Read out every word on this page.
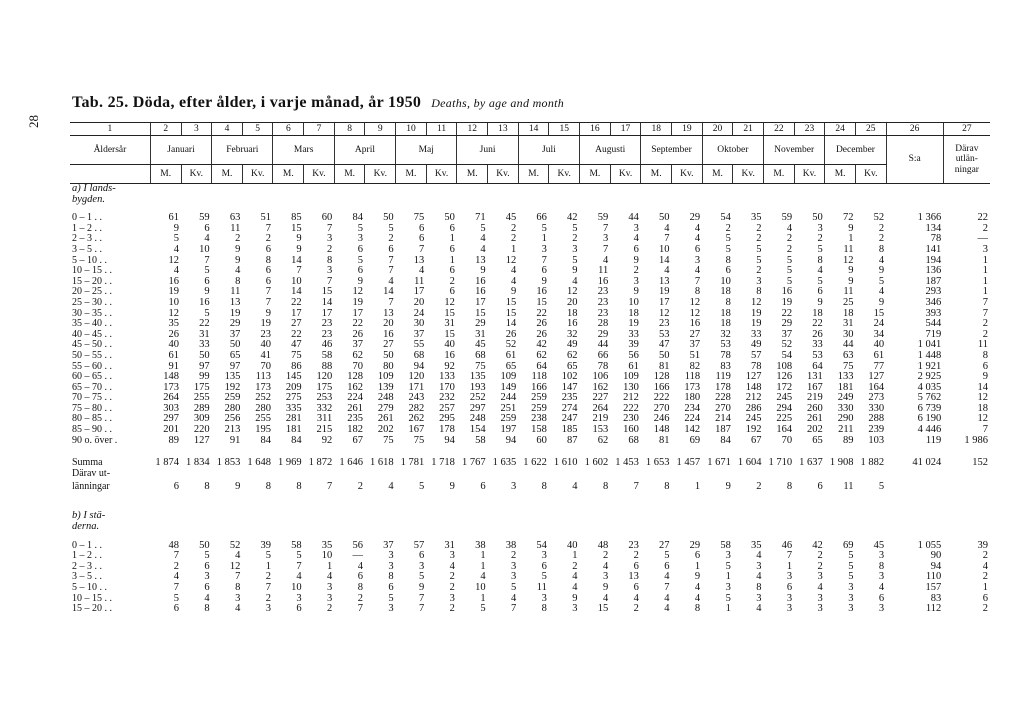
Tab. 25. Döda, efter ålder, i varje månad, år 1950 Deaths, by age and month
28
1	2	3	4	5	6	7	8	9	10	11	12	13	14	15	16	17	18	19	20	21	22	23	24	25	26	27
Åldersår	Januari		Februari		Mars		April		Maj		Juni		Juli		Augusti		September		Oktober		November		December		S:a	Därav utlän- ningar
	M.	Kv.	M.	Kv.	M.	Kv.	M.	Kv.	M.	Kv.	M.	Kv.	M.	Kv.	M.	Kv.	M.	Kv.	M.	Kv.	M.	Kv.	M.	Kv.		
a) I lands-																										
bygden.																										

0 – 1 . .	61	59	63	51	85	60	84	50	75	50	71	45	66	42	59	44	50	29	54	35	59	50	72	52	1 366	22
1 – 2 . .	9	6	11	7	15	7	5	5	6	6	5	2	5	5	7	3	4	4	2	2	4	3	9	2	134	2
2 – 3 . .	5	4	2	2	9	3	3	2	6	1	4	2	1	2	3	4	7	4	5	2	2	2	1	2	78	—
3 – 5 . .	4	10	9	6	9	2	6	6	7	6	4	1	3	3	7	6	10	6	5	5	2	5	11	8	141	3
5 – 10 . .	12	7	9	8	14	8	5	7	13	1	13	12	7	5	4	9	14	3	8	5	5	8	12	4	194	1
10 – 15 . .	4	5	4	6	7	3	6	7	4	6	9	4	6	9	11	2	4	4	6	2	5	4	9	9	136	1
15 – 20 . .	16	6	8	6	10	7	9	4	11	2	16	4	9	4	16	3	13	7	10	3	5	5	9	5	187	1
20 – 25 . .	19	9	11	7	14	15	12	14	17	6	16	9	16	12	23	9	19	8	18	8	16	6	11	4	293	1
25 – 30 . .	10	16	13	7	22	14	19	7	20	12	17	15	15	20	23	10	17	12	8	12	19	9	25	9	346	7
30 – 35 . .	12	5	19	9	17	17	17	13	24	15	15	15	22	18	23	18	12	12	18	19	22	18	18	15	393	7
35 – 40 . .	35	22	29	19	27	23	22	20	30	31	29	14	26	16	28	19	23	16	18	19	29	22	31	24	544	2
40 – 45 . .	26	31	37	23	22	23	26	16	37	15	31	26	26	32	29	33	53	27	32	33	37	26	30	34	719	2
45 – 50 . .	40	33	50	40	47	46	37	27	55	40	45	52	42	49	44	39	47	37	53	49	52	33	44	40	1 041	11
50 – 55 . .	61	50	65	41	75	58	62	50	68	16	68	61	62	62	66	56	50	51	78	57	54	53	63	61	1 448	8
55 – 60 . .	91	97	97	70	86	88	70	80	94	92	75	65	64	65	78	61	81	82	83	78	108	64	75	77	1 921	6
60 – 65 . .	148	99	135	113	145	120	128	109	120	133	135	109	118	102	106	109	128	118	119	127	126	131	133	127	2 925	9
65 – 70 . .	173	175	192	173	209	175	162	139	171	170	193	149	166	147	162	130	166	173	178	148	172	167	181	164	4 035	14
70 – 75 . .	264	255	259	252	275	253	224	248	243	232	252	244	259	235	227	212	222	180	228	212	245	219	249	273	5 762	12
75 – 80 . .	303	289	280	280	335	332	261	279	282	257	297	251	259	274	264	222	270	234	270	286	294	260	330	330	6 739	18
80 – 85 . .	297	309	256	255	281	311	235	261	262	295	248	259	238	247	219	230	246	224	214	245	225	261	290	288	6 190	12
85 – 90 . .	201	220	213	195	181	215	182	202	167	178	154	197	158	185	153	160	148	142	187	192	164	202	211	239	4 446	7
90 o. över .	89	127	91	84	84	92	67	75	75	94	58	94	60	87	62	68	81	69	84	67	70	65	89	103	119	1 986

Summa	1 874	1 834	1 853	1 648	1 969	1 872	1 646	1 618	1 781	1 718	1 767	1 635	1 622	1 610	1 602	1 453	1 653	1 457	1 671	1 604	1 710	1 637	1 908	1 882	41 024	152
Därav ut-																										
länningar	6	8	9	8	8	7	2	4	5	9	6	3	8	4	8	7	8	1	9	2	8	6	11	5		

b) I stä-																										
derna.																										

0 – 1 . .	48	50	52	39	58	35	56	37	57	31	38	38	54	40	48	23	27	29	58	35	46	42	69	45	1 055	39
1 – 2 . .	7	5	4	5	5	10	—	3	6	3	1	2	3	1	2	2	5	6	3	4	7	2	5	3	90	2
2 – 3 . .	2	6	12	1	7	1	4	3	3	4	1	3	6	2	4	6	6	1	5	3	1	2	5	8	94	4
3 – 5 . .	4	3	7	2	4	4	6	8	5	2	4	3	5	4	3	13	4	9	1	4	3	3	5	3	110	2
5 – 10 . .	7	6	8	7	10	3	8	6	9	2	10	5	11	4	9	6	7	4	3	8	6	4	3	4	157	1
10 – 15 . .	5	4	3	2	3	3	2	5	7	3	1	4	3	9	4	4	4	4	5	3	3	3	3	6	83	6
15 – 20 . .	6	8	4	3	6	2	7	3	7	2	5	7	8	3	15	2	4	8	1	4	3	3	3	3	112	2
